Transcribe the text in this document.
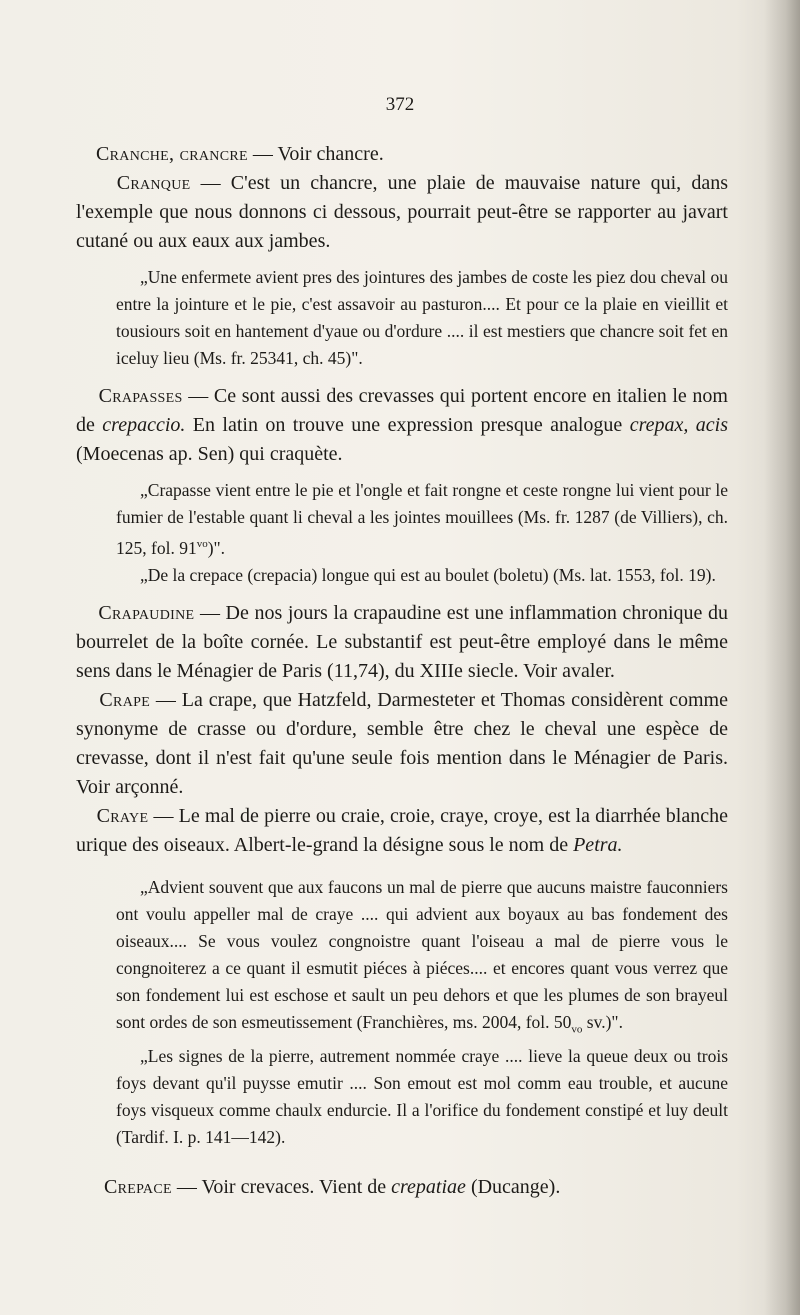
372

Cranche, crancre — Voir chancre.

Cranque — C'est un chancre, une plaie de mauvaise nature qui, dans l'exemple que nous donnons ci dessous, pourrait peut-être se rapporter au javart cutané ou aux eaux aux jambes.

„Une enfermete avient pres des jointures des jambes de coste les piez dou cheval ou entre la jointure et le pie, c'est assavoir au pasturon.... Et pour ce la plaie en vieillit et tousiours soit en hantement d'yaue ou d'ordure .... il est mestiers que chancre soit fet en iceluy lieu (Ms. fr. 25341, ch. 45)".

Crapasses — Ce sont aussi des crevasses qui portent encore en italien le nom de crepaccio. En latin on trouve une expression presque analogue crepax, acis (Moecenas ap. Sen) qui craquète.

„Crapasse vient entre le pie et l'ongle et fait rongne et ceste rongne lui vient pour le fumier de l'estable quant li cheval a les jointes mouillees (Ms. fr. 1287 (de Villiers), ch. 125, fol. $91^{vo}$)".

„De la crepace (crepacia) longue qui est au boulet (boletu) (Ms. lat. 1553, fol. 19).

Crapaudine — De nos jours la crapaudine est une inflammation chronique du bourrelet de la boîte cornée. Le substantif est peut-être employé dans le même sens dans le Ménagier de Paris (11,74), du XIIIe siecle. Voir avaler.

Crape — La crape, que Hatzfeld, Darmesteter et Thomas considèrent comme synonyme de crasse ou d'ordure, semble être chez le cheval une espèce de crevasse, dont il n'est fait qu'une seule fois mention dans le Ménagier de Paris. Voir arçonné.

Craye — Le mal de pierre ou craie, croie, craye, croye, est la diarrhée blanche urique des oiseaux. Albert-le-grand la désigne sous le nom de Petra.

„Advient souvent que aux faucons un mal de pierre que aucuns maistre fauconniers ont voulu appeller mal de craye .... qui advient aux boyaux au bas fondement des oiseaux.... Se vous voulez congnoistre quant l'oiseau a mal de pierre vous le congnoiterez a ce quant il esmutit piéces à piéces.... et encores quant vous verrez que son fondement lui est eschose et sault un peu dehors et que les plumes de son brayeul sont ordes de son esmeutissement (Franchières, ms. 2004, fol. $50_{vo}$ sv.)".

„Les signes de la pierre, autrement nommée craye .... lieve la queue deux ou trois foys devant qu'il puysse emutir .... Son emout est mol comm eau trouble, et aucune foys visqueux comme chaulx endurcie. Il a l'orifice du fondement constipé et luy deult (Tardif. I. p. 141—142).

Crepace — Voir crevaces. Vient de crepatiae (Ducange).
